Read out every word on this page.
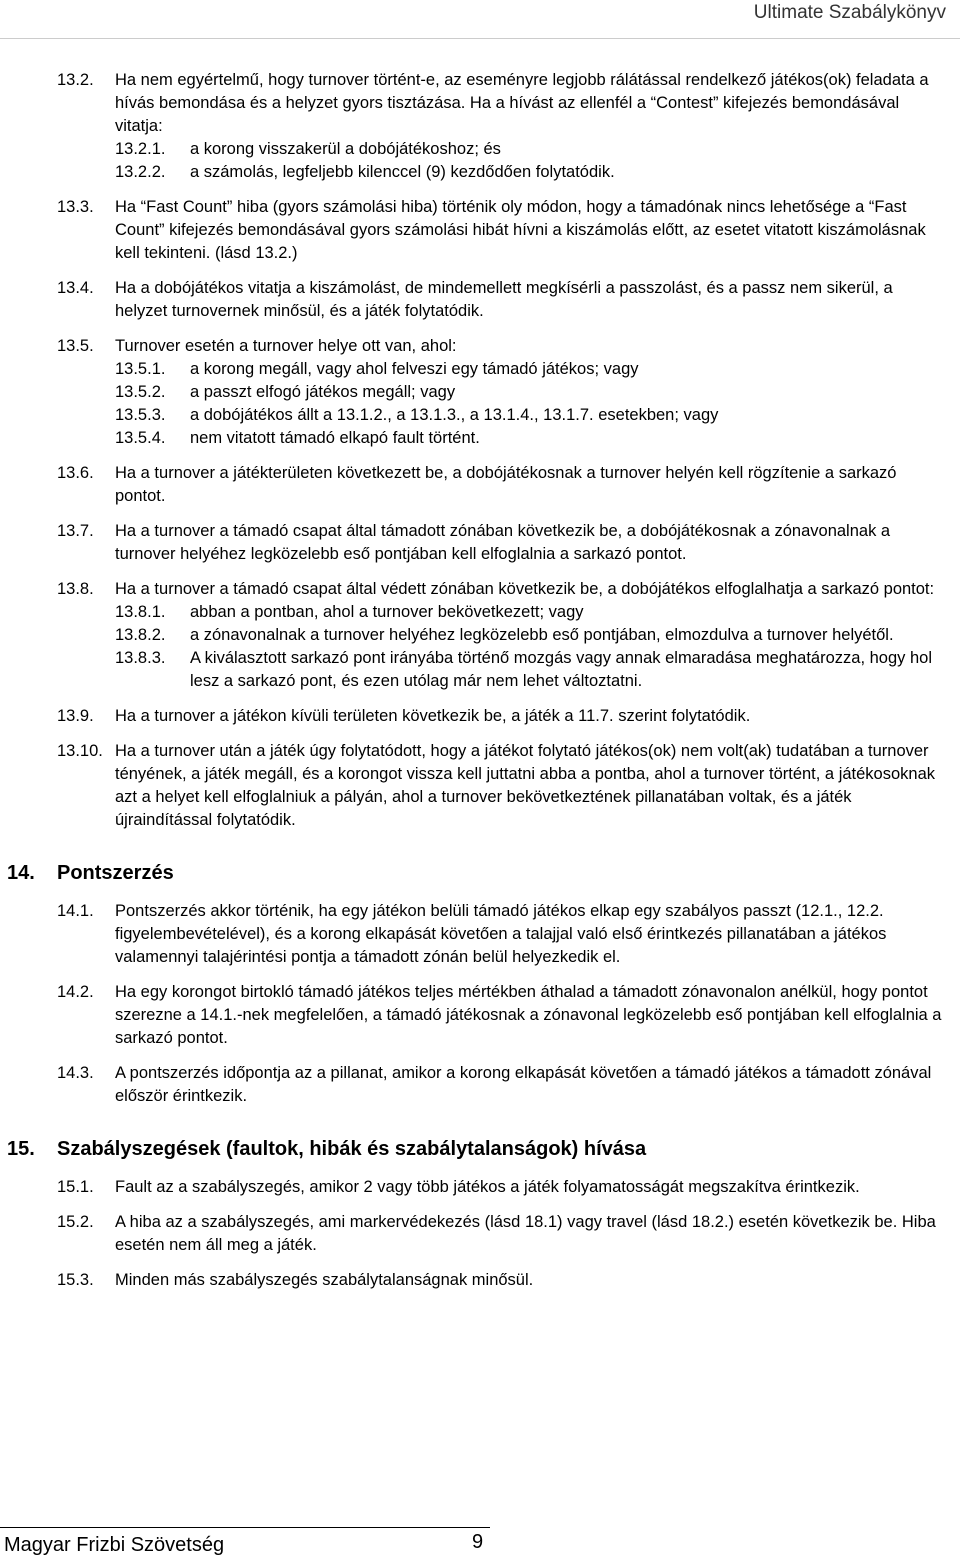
Ultimate Szabálykönyv
13.2. Ha nem egyértelmű, hogy turnover történt-e, az eseményre legjobb rálátással rendelkező játékos(ok) feladata a hívás bemondása és a helyzet gyors tisztázása. Ha a hívást az ellenfél a “Contest” kifejezés bemondásával vitatja:
13.2.1. a korong visszakerül a dobójátékoshoz; és
13.2.2. a számolás, legfeljebb kilenccel (9) kezdődően folytatódik.
13.3. Ha “Fast Count” hiba (gyors számolási hiba) történik oly módon, hogy a támadónak nincs lehetősége a “Fast Count” kifejezés bemondásával gyors számolási hibát hívni a kiszámolás előtt, az esetet vitatott kiszámolásnak kell tekinteni. (lásd 13.2.)
13.4. Ha a dobójátékos vitatja a kiszámolást, de mindemellett megkísérli a passzolást, és a passz nem sikerül, a helyzet turnovernek minősül, és a játék folytatódik.
13.5. Turnover esetén a turnover helye ott van, ahol:
13.5.1. a korong megáll, vagy ahol felveszi egy támadó játékos; vagy
13.5.2. a passzt elfogó játékos megáll; vagy
13.5.3. a dobójátékos állt a 13.1.2., a 13.1.3., a 13.1.4., 13.1.7. esetekben; vagy
13.5.4. nem vitatott támadó elkapó fault történt.
13.6. Ha a turnover a játékterületen következett be, a dobójátékosnak a turnover helyén kell rögzítenie a sarkazó pontot.
13.7. Ha a turnover a támadó csapat által támadott zónában következik be, a dobójátékosnak a zónavonalnak a turnover helyéhez legközelebb eső pontjában kell elfoglalnia a sarkazó pontot.
13.8. Ha a turnover a támadó csapat által védett zónában következik be, a dobójátékos elfoglalhatja a sarkazó pontot:
13.8.1. abban a pontban, ahol a turnover bekövetkezett; vagy
13.8.2. a zónavonalnak a turnover helyéhez legközelebb eső pontjában, elmozdulva a turnover helyétől.
13.8.3. A kiválasztott sarkazó pont irányába történő mozgás vagy annak elmaradása meghatározza, hogy hol lesz a sarkazó pont, és ezen utólag már nem lehet változtatni.
13.9. Ha a turnover a játékon kívüli területen következik be, a játék a 11.7. szerint folytatódik.
13.10. Ha a turnover után a játék úgy folytatódott, hogy a játékot folytató játékos(ok) nem volt(ak) tudatában a turnover tényének, a játék megáll, és a korongot vissza kell juttatni abba a pontba, ahol a turnover történt, a játékosoknak azt a helyet kell elfoglalniuk a pályán, ahol a turnover bekövetkeztének pillanatában voltak, és a játék újraindítással folytatódik.
14. Pontszerzés
14.1. Pontszerzés akkor történik, ha egy játékon belüli támadó játékos elkap egy szabályos passzt (12.1., 12.2. figyelembevételével), és a korong elkapását követően a talajjal való első érintkezés pillanatában a játékos valamennyi talajérintési pontja a támadott zónán belül helyezkedik el.
14.2. Ha egy korongot birtokló támadó játékos teljes mértékben áthalad a támadott zónavonalon anélkül, hogy pontot szerezne a 14.1.-nek megfelelően, a támadó játékosnak a zónavonal legközelebb eső pontjában kell elfoglalnia a sarkazó pontot.
14.3. A pontszerzés időpontja az a pillanat, amikor a korong elkapását követően a támadó játékos a támadott zónával először érintkezik.
15. Szabályszegések (faultok, hibák és szabálytalanságok) hívása
15.1. Fault az a szabályszegés, amikor 2 vagy több játékos a játék folyamatosságát megszakítva érintkezik.
15.2. A hiba az a szabályszegés, ami markervédekezés (lásd 18.1) vagy travel (lásd 18.2.) esetén következik be. Hiba esetén nem áll meg a játék.
15.3. Minden más szabályszegés szabálytalanságnak minősül.
Magyar Frizbi Szövetség	9
